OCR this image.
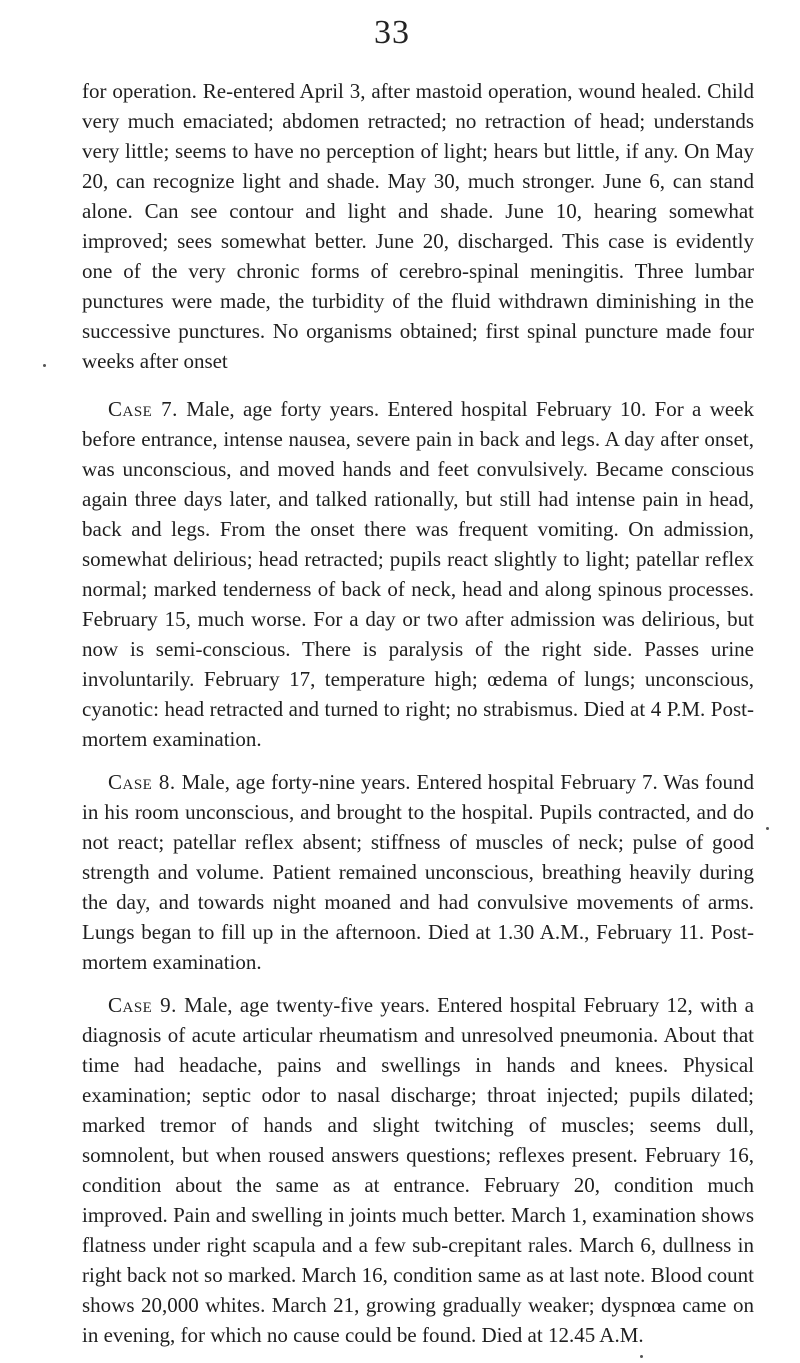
33

for operation. Re-entered April 3, after mastoid operation, wound healed. Child very much emaciated; abdomen retracted; no retraction of head; understands very little; seems to have no perception of light; hears but little, if any. On May 20, can recognize light and shade. May 30, much stronger. June 6, can stand alone. Can see contour and light and shade. June 10, hearing somewhat improved; sees somewhat better. June 20, discharged. This case is evidently one of the very chronic forms of cerebro-spinal meningitis. Three lumbar punctures were made, the turbidity of the fluid withdrawn diminishing in the successive punctures. No organisms obtained; first spinal puncture made four weeks after onset

Case 7. Male, age forty years. Entered hospital February 10. For a week before entrance, intense nausea, severe pain in back and legs. A day after onset, was unconscious, and moved hands and feet convulsively. Became conscious again three days later, and talked rationally, but still had intense pain in head, back and legs. From the onset there was frequent vomiting. On admission, somewhat delirious; head retracted; pupils react slightly to light; patellar reflex normal; marked tenderness of back of neck, head and along spinous processes. February 15, much worse. For a day or two after admission was delirious, but now is semi-conscious. There is paralysis of the right side. Passes urine involuntarily. February 17, temperature high; œdema of lungs; unconscious, cyanotic: head retracted and turned to right; no strabismus. Died at 4 P.M. Post-mortem examination.

Case 8. Male, age forty-nine years. Entered hospital February 7. Was found in his room unconscious, and brought to the hospital. Pupils contracted, and do not react; patellar reflex absent; stiffness of muscles of neck; pulse of good strength and volume. Patient remained unconscious, breathing heavily during the day, and towards night moaned and had convulsive movements of arms. Lungs began to fill up in the afternoon. Died at 1.30 A.M., February 11. Post-mortem examination.

Case 9. Male, age twenty-five years. Entered hospital February 12, with a diagnosis of acute articular rheumatism and unresolved pneumonia. About that time had headache, pains and swellings in hands and knees. Physical examination; septic odor to nasal discharge; throat injected; pupils dilated; marked tremor of hands and slight twitching of muscles; seems dull, somnolent, but when roused answers questions; reflexes present. February 16, condition about the same as at entrance. February 20, condition much improved. Pain and swelling in joints much better. March 1, examination shows flatness under right scapula and a few sub-crepitant rales. March 6, dullness in right back not so marked. March 16, condition same as at last note. Blood count shows 20,000 whites. March 21, growing gradually weaker; dyspnœa came on in evening, for which no cause could be found. Died at 12.45 A.M.
